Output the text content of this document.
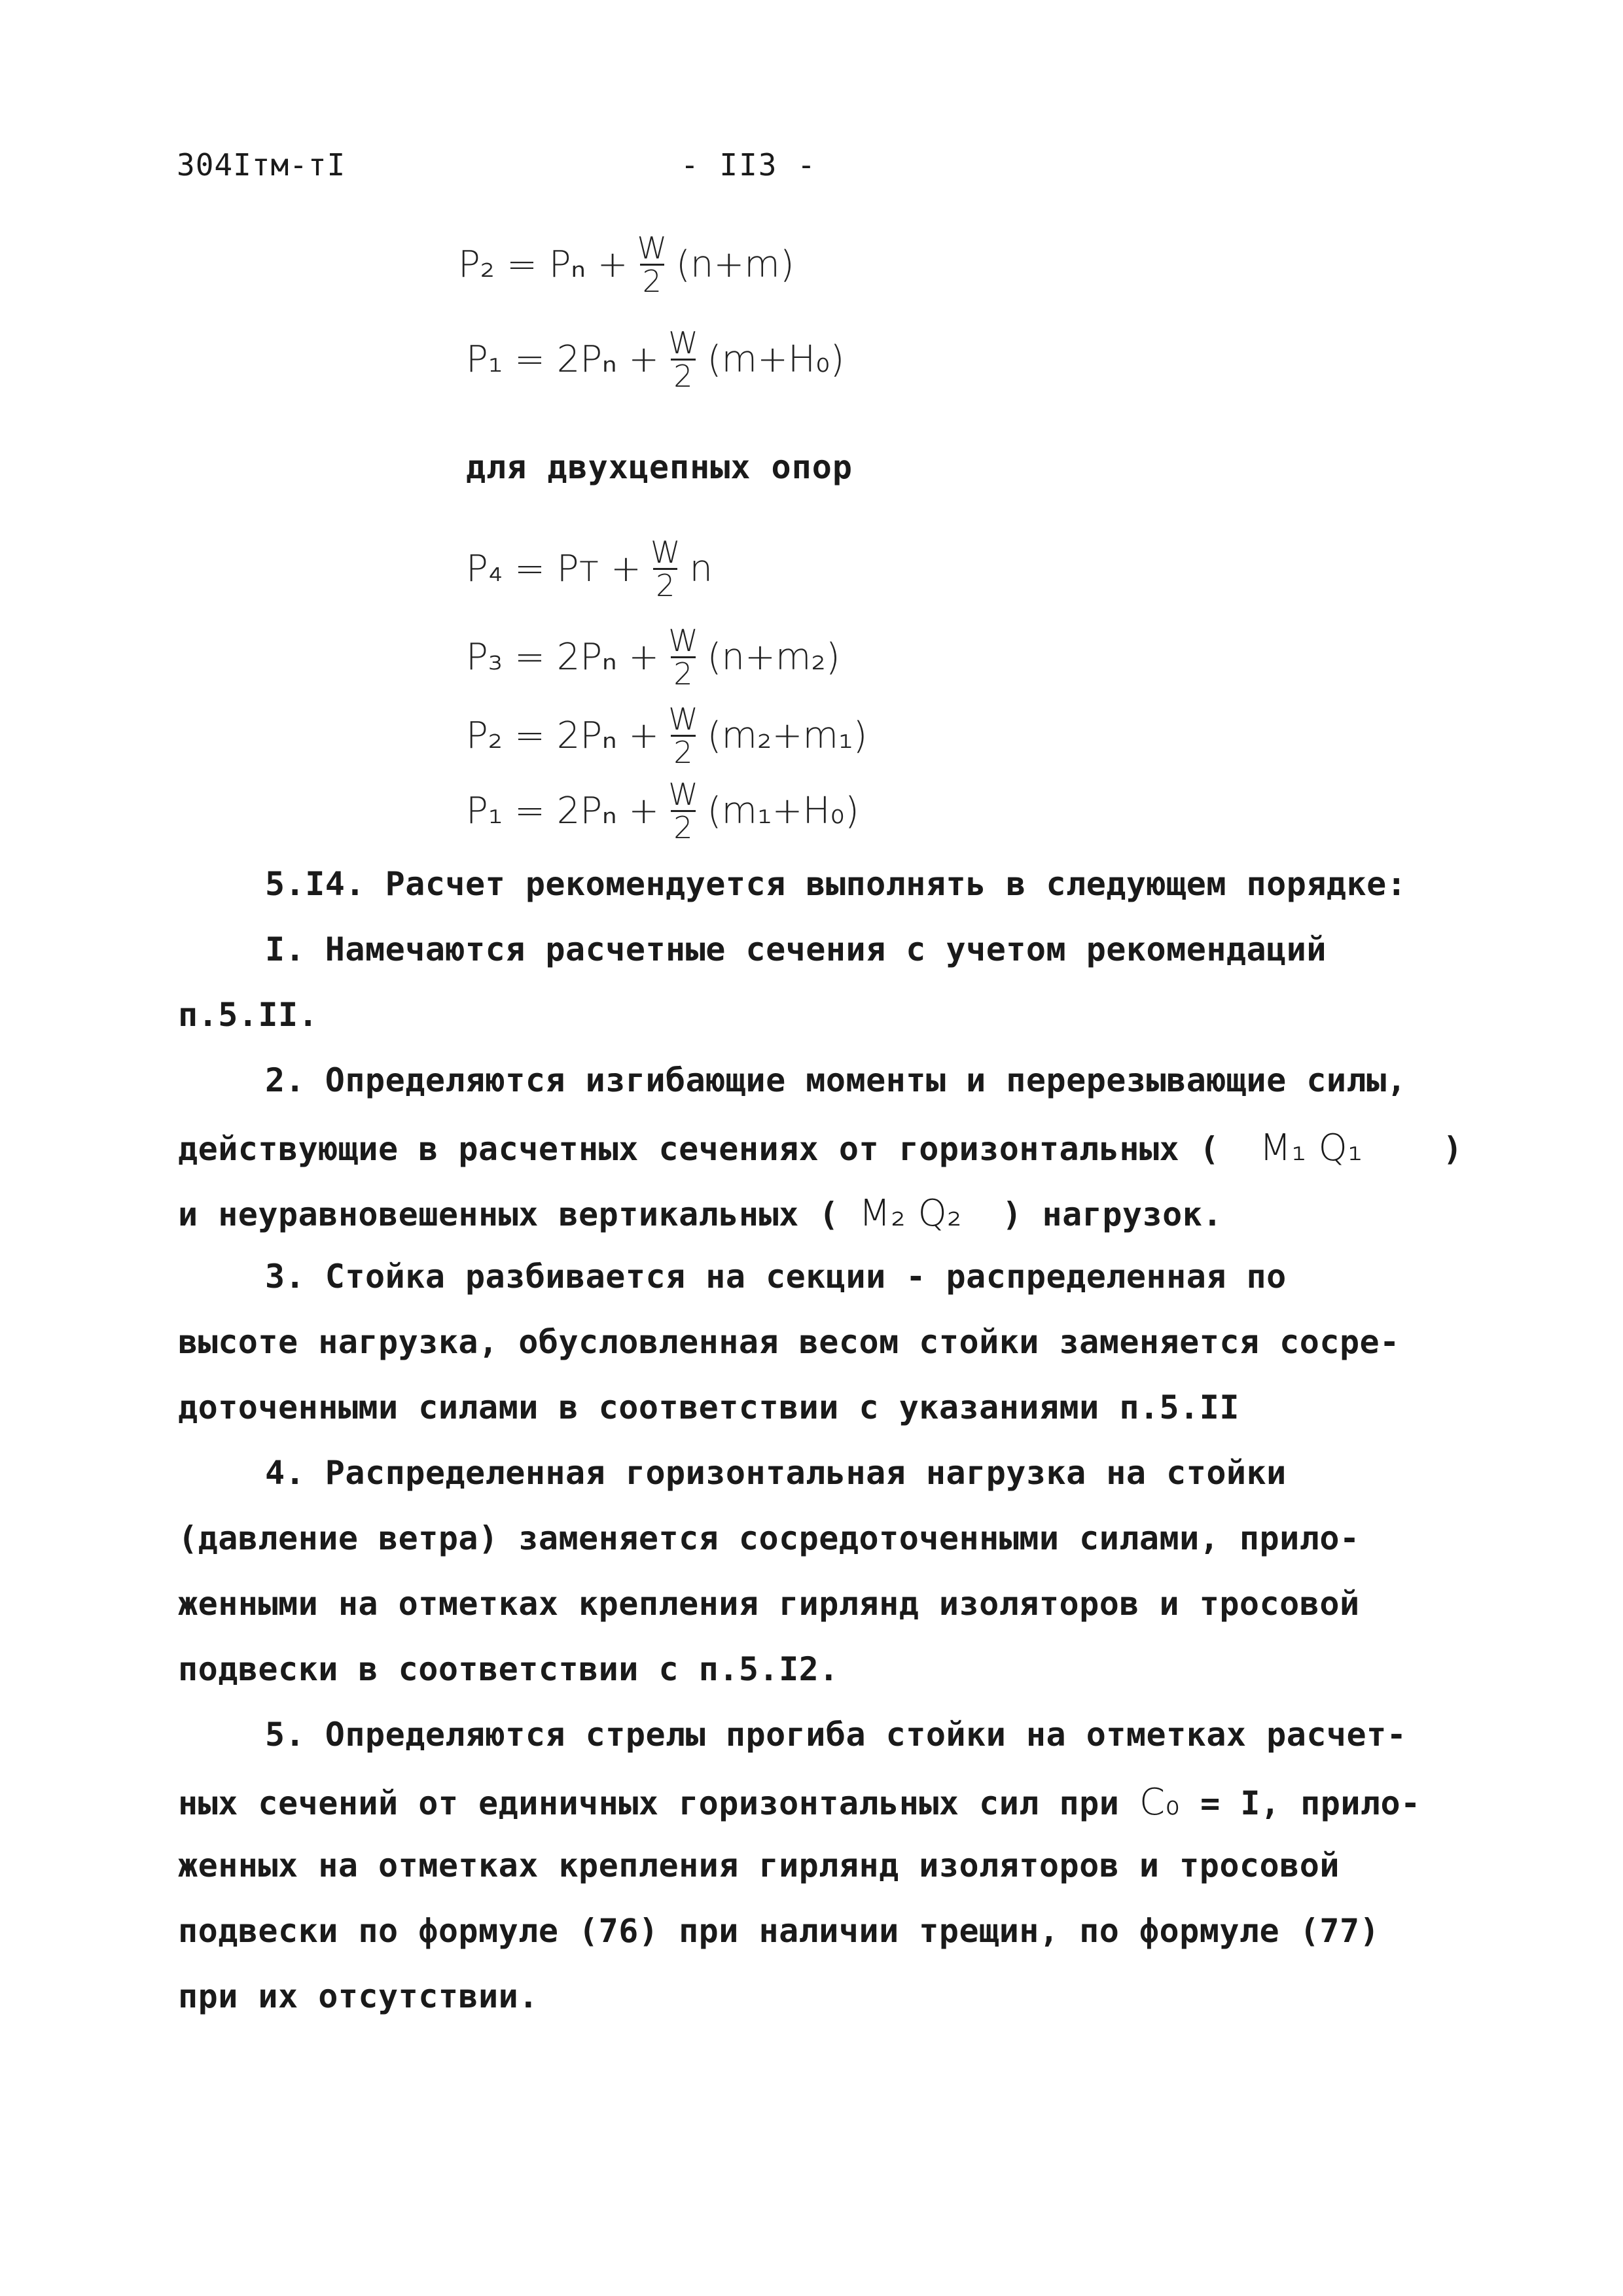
304Iтм-тI	- II3 -
$P_2 = P_n + \frac{W}{2} (n+m)$
$P_1 = 2P_n + \frac{W}{2} (m+H_0)$
для двухцепных опор
P₄ = Pт + $\frac{W}{2}$ n
$P_3 = 2P_n + \frac{W}{2} (n+m_2)$
$P_2 = 2P_n + \frac{W}{2} (m_2+m_1)$
$P_1 = 2P_n + \frac{W}{2} (m_1+H_0)$
5.I4. Расчет рекомендуется выполнять в следующем порядке:
I. Намечаются расчетные сечения с учетом рекомендаций
п.5.II.
2. Определяются изгибающие моменты и перерезывающие силы,
действующие в расчетных сечениях от горизонтальных ( M₁ Q₁ )
и неуравновешенных вертикальных ( M₂ Q₂ ) нагрузок.
3. Стойка разбивается на секции - распределенная по
высоте нагрузка, обусловленная весом стойки заменяется сосре-
доточенными силами в соответствии с указаниями п.5.II
4. Распределенная горизонтальная нагрузка на стойки
(давление ветра) заменяется сосредоточенными силами, прило-
женными на отметках крепления гирлянд изоляторов и тросовой
подвески в соответствии с п.5.I2.
5. Определяются стрелы прогиба стойки на отметках расчет-
ных сечений от единичных горизонтальных сил при C₀ = I, прило-
женных на отметках крепления гирлянд изоляторов и тросовой
подвески по формуле (76) при наличии трещин, по формуле (77)
при их отсутствии.
